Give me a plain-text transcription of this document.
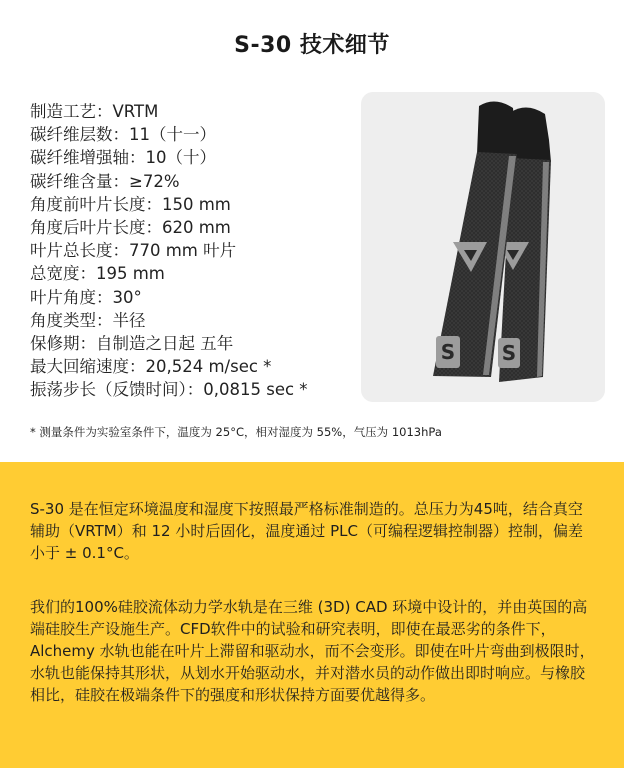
S-30 技术细节
制造工艺：VRTM
碳纤维层数：11（十一）
碳纤维增强轴：10（十）
碳纤维含量：≥72%
角度前叶片长度：150 mm
角度后叶片长度：620 mm
叶片总长度：770 mm 叶片
总宽度：195 mm
叶片角度：30°
角度类型：半径
保修期：自制造之日起 五年
最大回缩速度：20,524 m/sec *
振荡步长（反馈时间）：0,0815 sec *
S
S
* 测量条件为实验室条件下，温度为 25°C，相对湿度为 55%，气压为 1013hPa

S-30 是在恒定环境温度和湿度下按照最严格标准制造的。总压力为45吨，结合真空辅助（VRTM）和 12 小时后固化，温度通过 PLC（可编程逻辑控制器）控制，偏差小于 ± 0.1°C。

我们的100%硅胶流体动力学水轨是在三维 (3D) CAD 环境中设计的，并由英国的高端硅胶生产设施生产。CFD软件中的试验和研究表明，即使在最恶劣的条件下，Alchemy 水轨也能在叶片上滞留和驱动水，而不会变形。即使在叶片弯曲到极限时，水轨也能保持其形状，从划水开始驱动水，并对潜水员的动作做出即时响应。与橡胶相比，硅胶在极端条件下的强度和形状保持方面要优越得多。
